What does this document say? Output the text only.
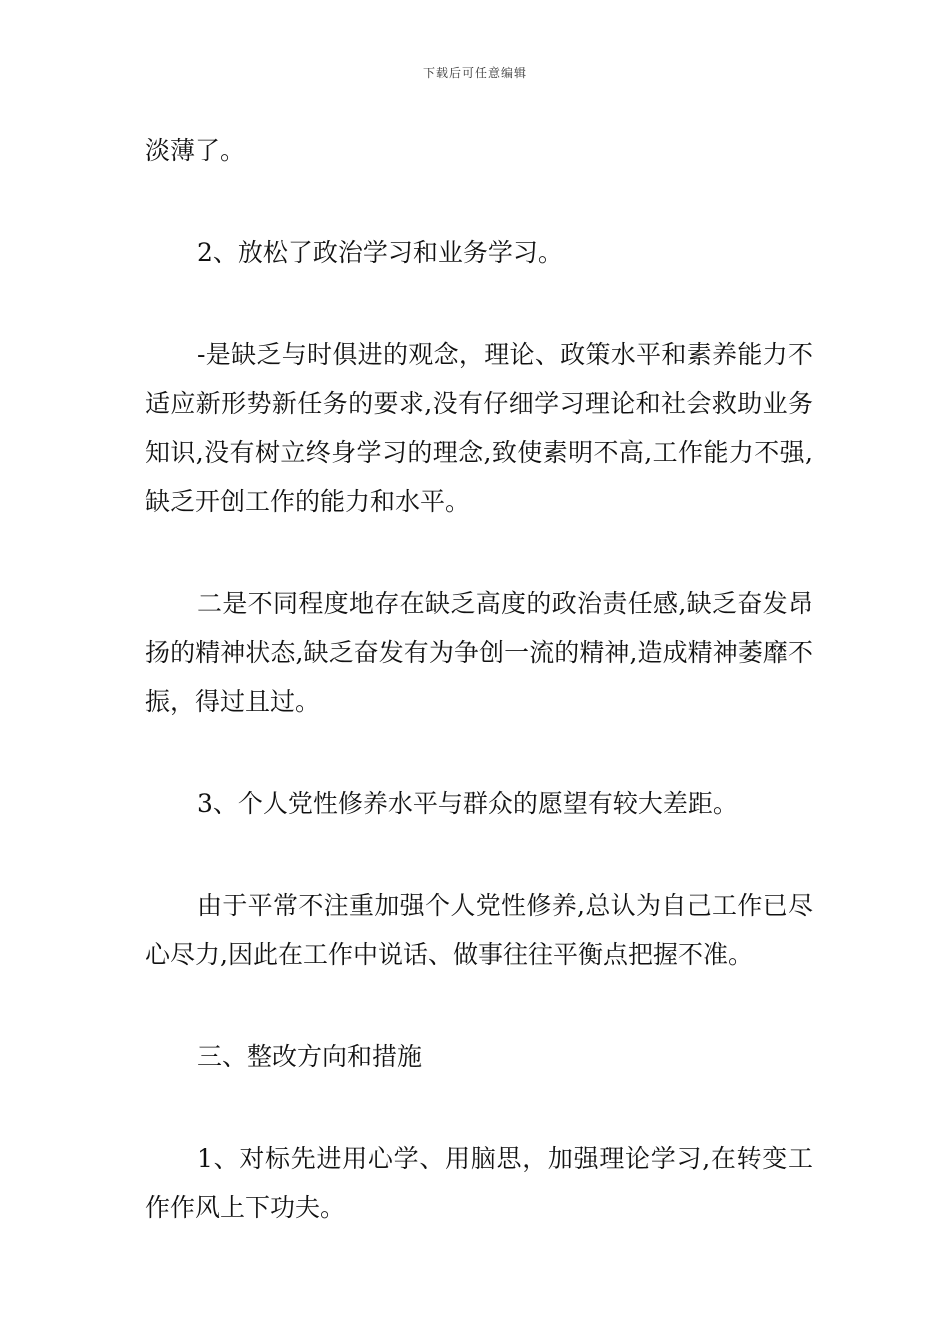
下载后可任意编辑

淡薄了。

2、放松了政治学习和业务学习。

-是缺乏与时俱进的观念，理论、政策水平和素养能力不适应新形势新任务的要求,没有仔细学习理论和社会救助业务知识,没有树立终身学习的理念,致使素明不高,工作能力不强,缺乏开创工作的能力和水平。

二是不同程度地存在缺乏高度的政治责任感,缺乏奋发昂扬的精神状态,缺乏奋发有为争创一流的精神,造成精神萎靡不振，得过且过。

3、个人党性修养水平与群众的愿望有较大差距。

由于平常不注重加强个人党性修养,总认为自己工作已尽心尽力,因此在工作中说话、做事往往平衡点把握不准。

三、整改方向和措施

1、对标先进用心学、用脑思，加强理论学习,在转变工作作风上下功夫。
